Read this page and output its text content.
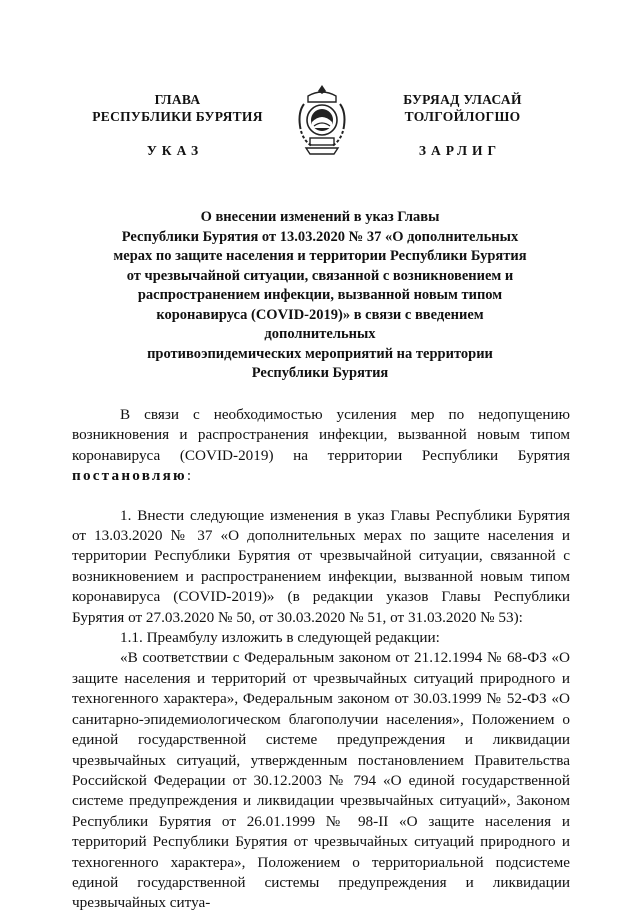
ГЛАВА
РЕСПУБЛИКИ БУРЯТИЯ
БУРЯАД УЛАСАЙ
ТОЛГОЙЛОГШО
УКАЗ	ЗАРЛИГ
О внесении изменений в указ Главы
Республики Бурятия от 13.03.2020 № 37 «О дополнительных
мерах по защите населения и территории Республики Бурятия
от чрезвычайной ситуации, связанной с возникновением и
распространением инфекции, вызванной новым типом
коронавируса (COVID-2019)» в связи с введением дополнительных
противоэпидемических мероприятий на территории
Республики Бурятия

В связи с необходимостью усиления мер по недопущению возникновения и распространения инфекции, вызванной новым типом коронавируса (COVID-2019) на территории Республики Бурятия постановляю:

1. Внести следующие изменения в указ Главы Республики Бурятия от 13.03.2020 № 37 «О дополнительных мерах по защите населения и территории Республики Бурятия от чрезвычайной ситуации, связанной с возникновением и распространением инфекции, вызванной новым типом коронавируса (COVID-2019)» (в редакции указов Главы Республики Бурятия от 27.03.2020 № 50, от 30.03.2020 № 51, от 31.03.2020 № 53):

1.1. Преамбулу изложить в следующей редакции:

«В соответствии с Федеральным законом от 21.12.1994 № 68-ФЗ «О защите населения и территорий от чрезвычайных ситуаций природного и техногенного характера», Федеральным законом от 30.03.1999 № 52-ФЗ «О санитарно-эпидемиологическом благополучии населения», Положением о единой государственной системе предупреждения и ликвидации чрезвычайных ситуаций, утвержденным постановлением Правительства Российской Федерации от 30.12.2003 № 794 «О единой государственной системе предупреждения и ликвидации чрезвычайных ситуаций», Законом Республики Бурятия от 26.01.1999 № 98-II «О защите населения и территорий Республики Бурятия от чрезвычайных ситуаций природного и техногенного характера», Положением о территориальной подсистеме единой государственной системы предупреждения и ликвидации чрезвычайных ситуа-
